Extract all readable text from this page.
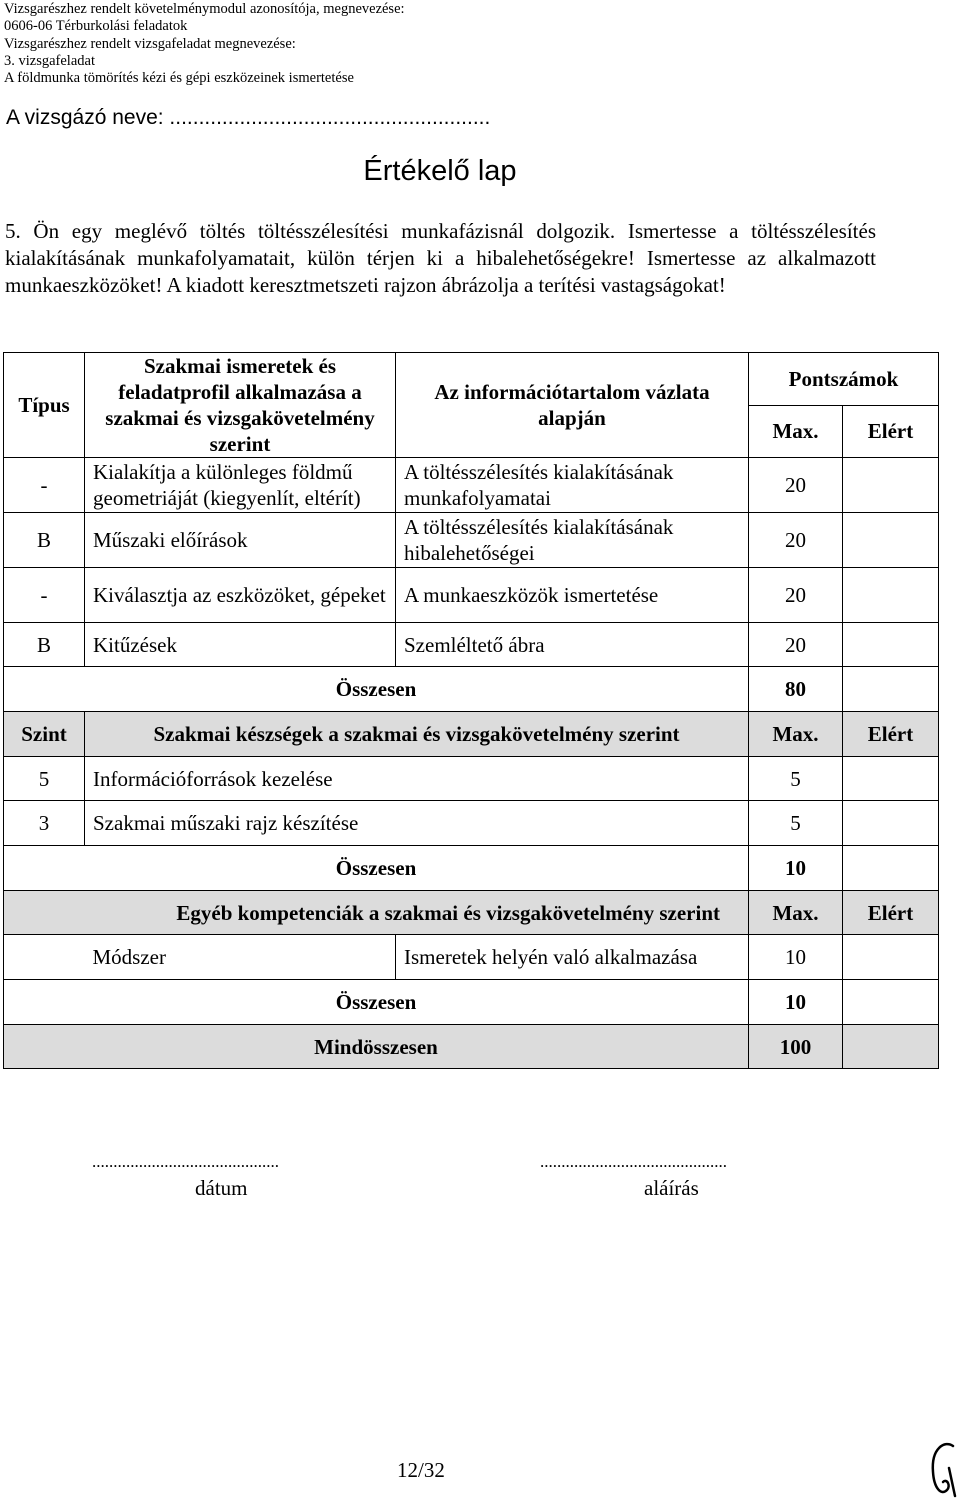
Vizsgarészhez rendelt követelménymodul azonosítója, megnevezése:
0606-06 Térburkolási feladatok
Vizsgarészhez rendelt vizsgafeladat megnevezése:
3. vizsgafeladat
A földmunka tömörítés kézi és gépi eszközeinek ismertetése
A vizsgázó neve: .......................................................
Értékelő lap
5. Ön egy meglévő töltés töltésszélesítési munkafázisnál dolgozik. Ismertesse a töltésszélesítés kialakításának munkafolyamatait, külön térjen ki a hibalehetőségekre! Ismertesse az alkalmazott munkaeszközöket! A kiadott keresztmetszeti rajzon ábrázolja a terítési vastagságokat!
Típus	Szakmai ismeretek és feladatprofil alkalmazása a szakmai és vizsgakövetelmény szerint	Az információtartalom vázlata alapján	Pontszámok	
			Max.	Elért
-	Kialakítja a különleges földmű geometriáját (kiegyenlít, eltérít)	A töltésszélesítés kialakításának munkafolyamatai	20	
B	Műszaki előírások	A töltésszélesítés kialakításának hibalehetőségei	20	
-	Kiválasztja az eszközöket, gépeket	A munkaeszközök ismertetése	20	
B	Kitűzések	Szemléltető ábra	20	
Összesen			80	
Szint	Szakmai készségek a szakmai és vizsgakövetelmény szerint		Max.	Elért
5	Információforrások kezelése		5	
3	Szakmai műszaki rajz készítése		5	
Összesen			10	
Egyéb kompetenciák a szakmai és vizsgakövetelmény szerint			Max.	Elért
	Módszer	Ismeretek helyén való alkalmazása	10	
Összesen			10	
Mindösszesen			100	
............................................
dátum
............................................
aláírás
12/32
